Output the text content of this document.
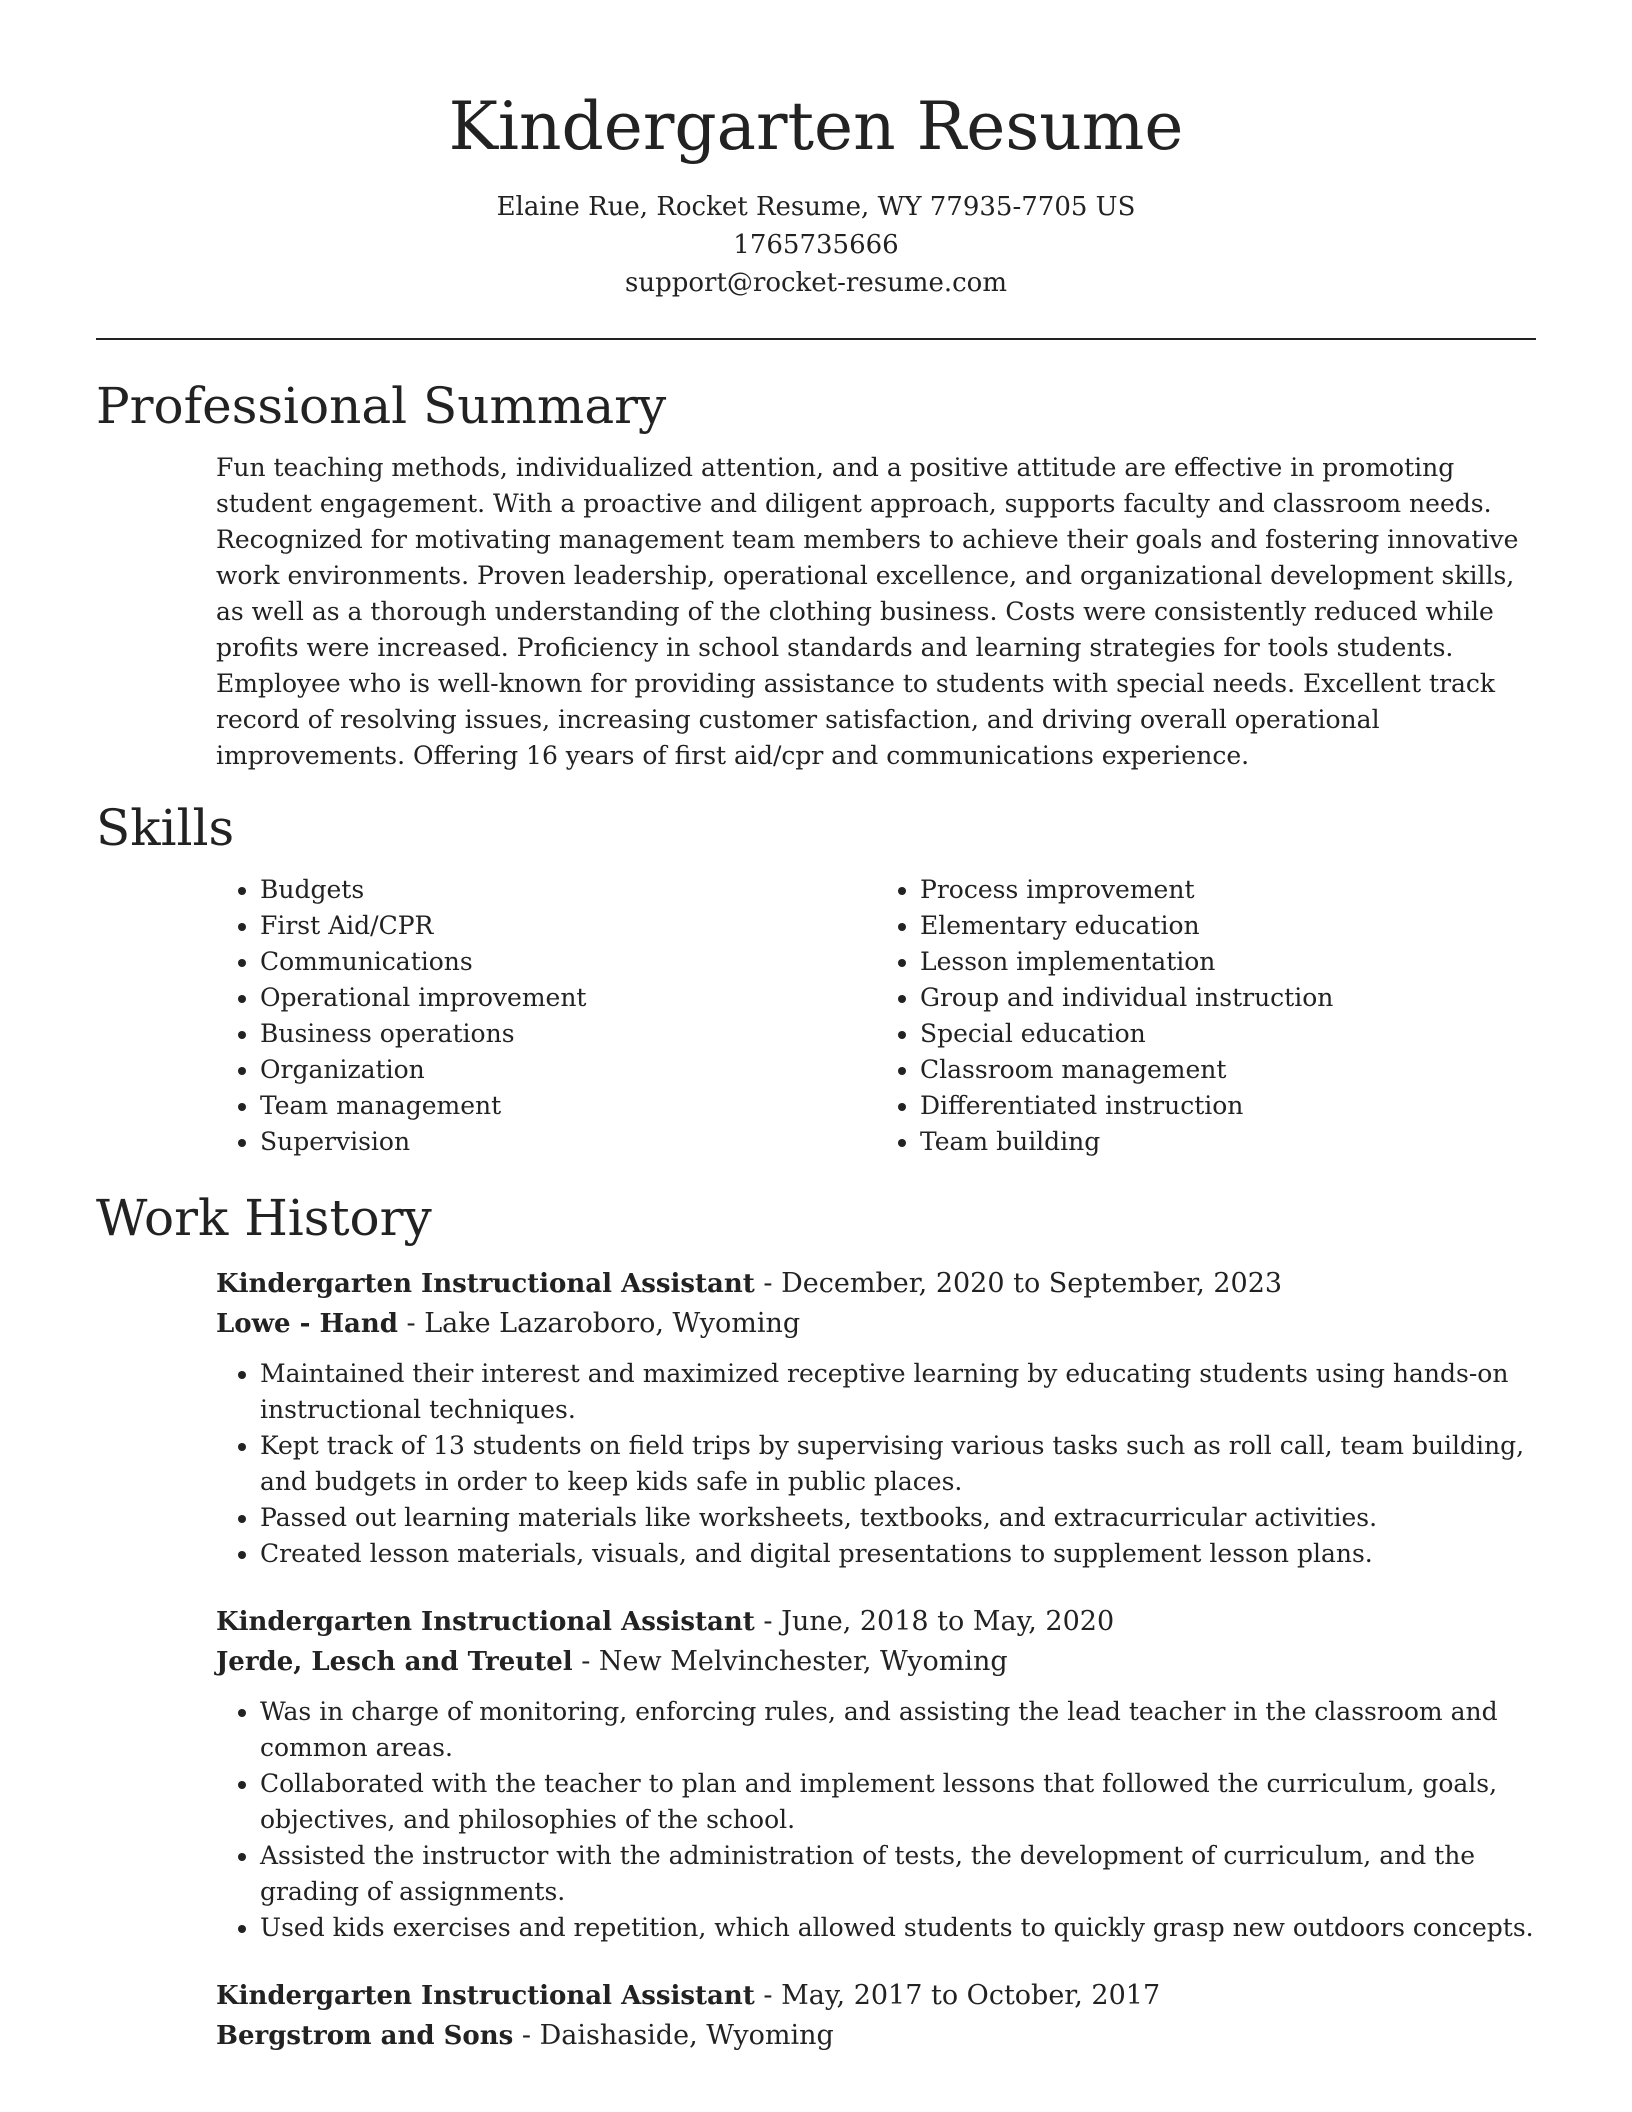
Kindergarten Resume

Elaine Rue, Rocket Resume, WY 77935-7705 US

1765735666

support@rocket-resume.com

Professional Summary

Fun teaching methods, individualized attention, and a positive attitude are effective in promoting student engagement. With a proactive and diligent approach, supports faculty and classroom needs. Recognized for motivating management team members to achieve their goals and fostering innovative work environments. Proven leadership, operational excellence, and organizational development skills, as well as a thorough understanding of the clothing business. Costs were consistently reduced while profits were increased. Proficiency in school standards and learning strategies for tools students. Employee who is well-known for providing assistance to students with special needs. Excellent track record of resolving issues, increasing customer satisfaction, and driving overall operational improvements. Offering 16 years of first aid/cpr and communications experience.

Skills
• Budgets
• First Aid/CPR
• Communications
• Operational improvement
• Business operations
• Organization
• Team management
• Supervision
• Process improvement
• Elementary education
• Lesson implementation
• Group and individual instruction
• Special education
• Classroom management
• Differentiated instruction
• Team building
Work History

Kindergarten Instructional Assistant - December, 2020 to September, 2023

Lowe - Hand - Lake Lazaroboro, Wyoming

• Maintained their interest and maximized receptive learning by educating students using hands-on instructional techniques.
• Kept track of 13 students on field trips by supervising various tasks such as roll call, team building, and budgets in order to keep kids safe in public places.
• Passed out learning materials like worksheets, textbooks, and extracurricular activities.
• Created lesson materials, visuals, and digital presentations to supplement lesson plans.

Kindergarten Instructional Assistant - June, 2018 to May, 2020

Jerde, Lesch and Treutel - New Melvinchester, Wyoming

• Was in charge of monitoring, enforcing rules, and assisting the lead teacher in the classroom and common areas.
• Collaborated with the teacher to plan and implement lessons that followed the curriculum, goals, objectives, and philosophies of the school.
• Assisted the instructor with the administration of tests, the development of curriculum, and the grading of assignments.
• Used kids exercises and repetition, which allowed students to quickly grasp new outdoors concepts.

Kindergarten Instructional Assistant - May, 2017 to October, 2017

Bergstrom and Sons - Daishaside, Wyoming
